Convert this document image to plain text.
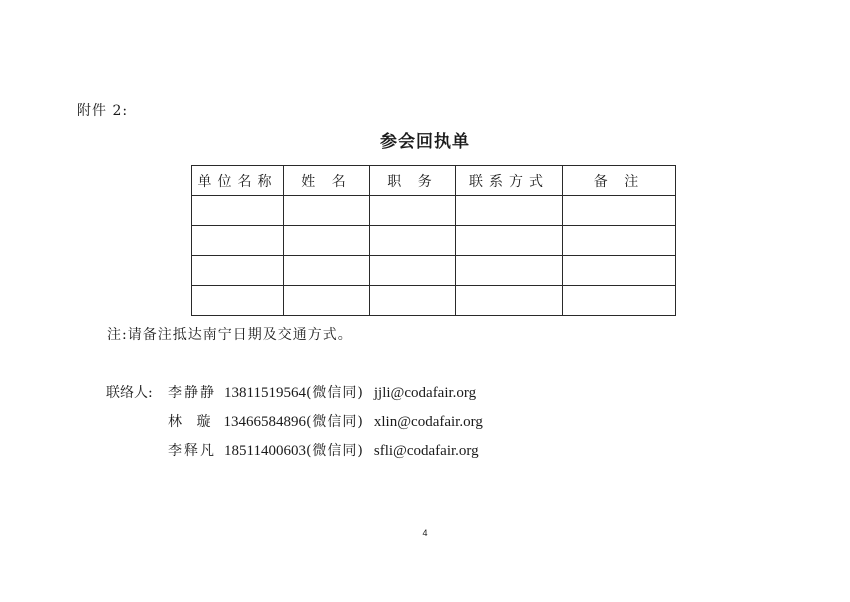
附件 2:
参会回执单
单位名称	姓 名	职 务	联系方式	备 注

注:请备注抵达南宁日期及交通方式。
联络人: 李静静 13811519564(微信同) jjli@codafair.org
林 璇 13466584896(微信同) xlin@codafair.org
李释凡 18511400603(微信同) sfli@codafair.org
4
